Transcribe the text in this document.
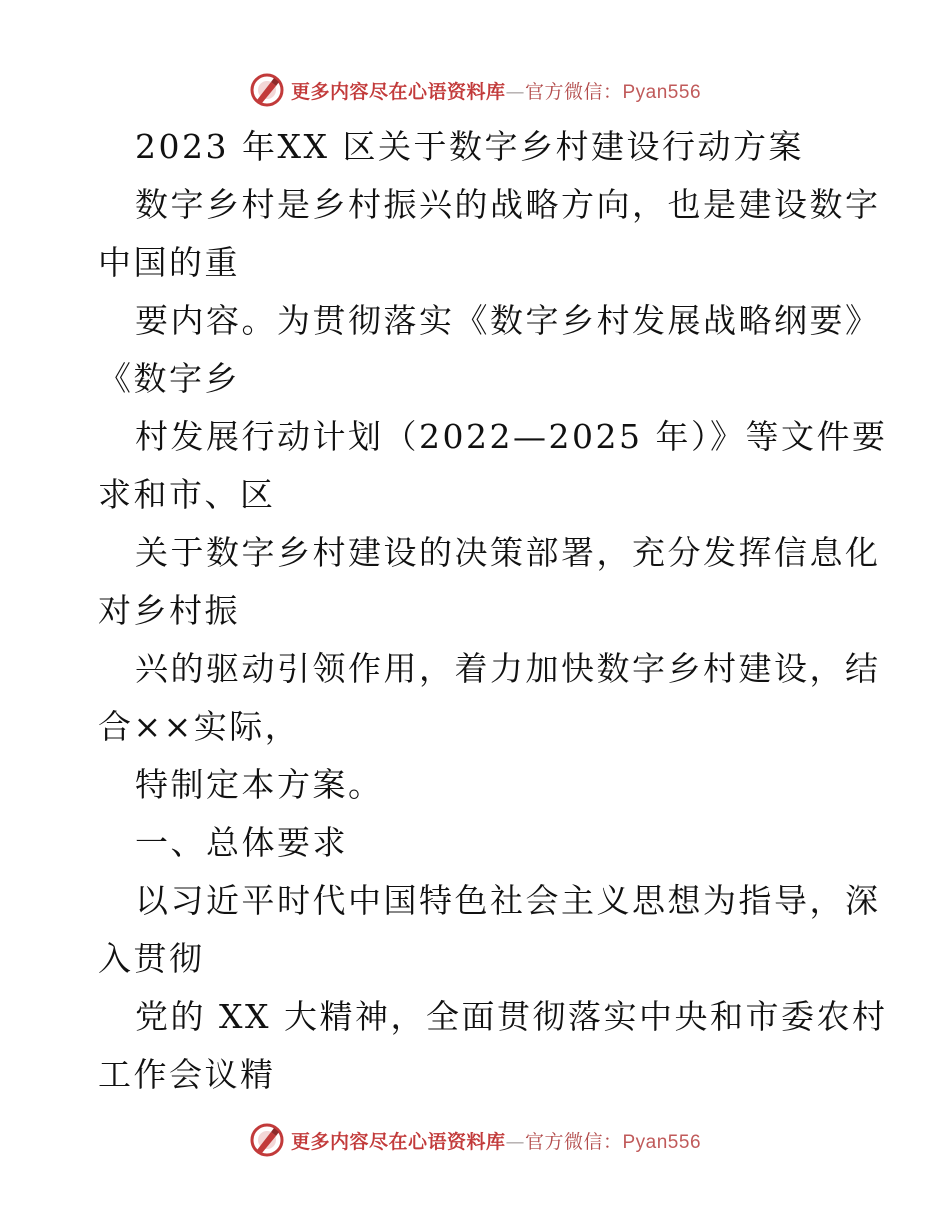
更多内容尽在心语资料库—官方微信：Pyan556
2023 年XX 区关于数字乡村建设行动方案
数字乡村是乡村振兴的战略方向，也是建设数字
中国的重
要内容。为贯彻落实《数字乡村发展战略纲要》
《数字乡
村发展行动计划（2022—2025 年）》等文件要
求和市、区
关于数字乡村建设的决策部署，充分发挥信息化
对乡村振
兴的驱动引领作用，着力加快数字乡村建设，结
合××实际，
特制定本方案。
一、总体要求
以习近平时代中国特色社会主义思想为指导，深
入贯彻
党的 XX 大精神，全面贯彻落实中央和市委农村
工作会议精
更多内容尽在心语资料库—官方微信：Pyan556
